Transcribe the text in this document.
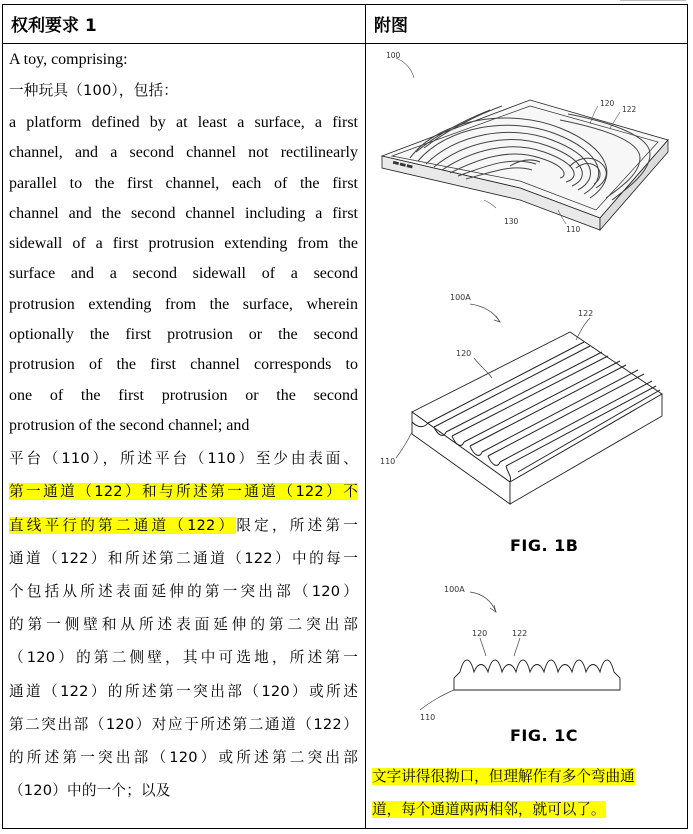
权利要求 1	附图

A toy, comprising:

一种玩具（100），包括：

a platform defined by at least a surface, a first

channel, and a second channel not rectilinearly

parallel to the first channel, each of the first

channel and the second channel including a first

sidewall of a first protrusion extending from the

surface and a second sidewall of a second

protrusion extending from the surface, wherein

optionally the first protrusion or the second

protrusion of the first channel corresponds to

one of the first protrusion or the second

protrusion of the second channel; and

平台（110），所述平台（110）至少由表面、

第一通道（122）和与所述第一通道（122）不

直线平行的第二通道（122）限定，所述第一

通道（122）和所述第二通道（122）中的每一

个包括从所述表面延伸的第一突出部（120）

的第一侧壁和从所述表面延伸的第二突出部

（120）的第二侧壁，其中可选地，所述第一

通道（122）的所述第一突出部（120）或所述

第二突出部（120）对应于所述第二通道（122）

的所述第一突出部（120）或所述第二突出部

（120）中的一个；以及

▬▬▬
100
120
122
130
110
100A
122
120
110
FIG. 1B
100A
120	122
110
FIG. 1C
文字讲得很拗口，但理解作有多个弯曲通
道，每个通道两两相邻，就可以了。
